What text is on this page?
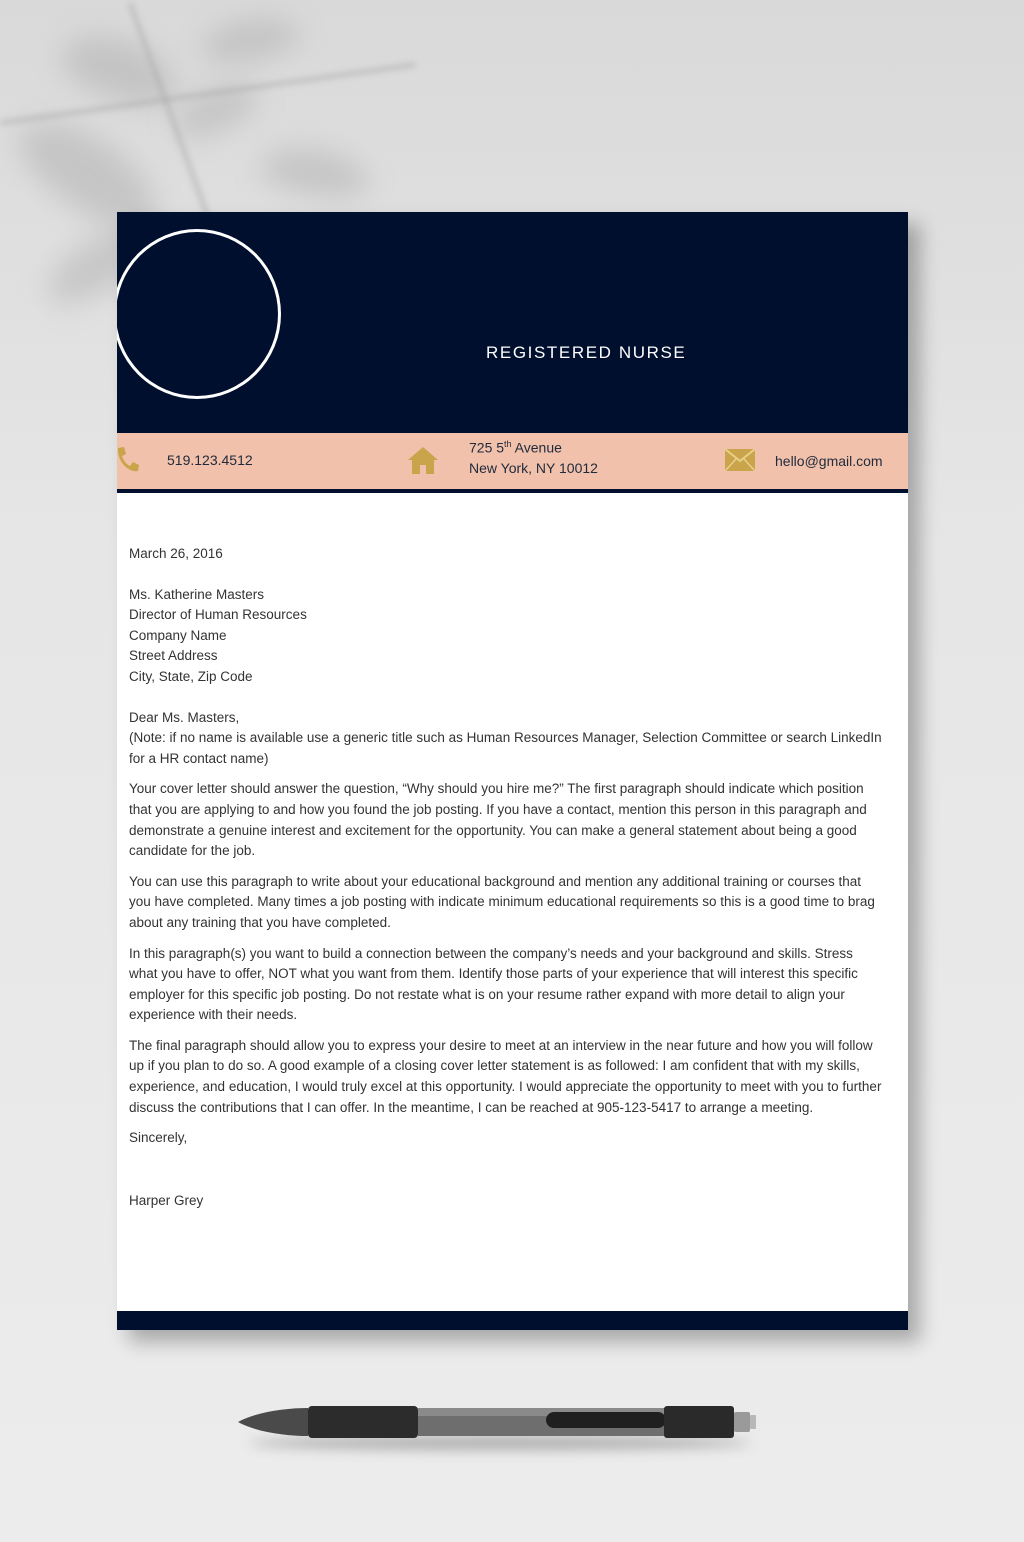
REGISTERED NURSE
519.123.4512
725 5th Avenue
New York, NY 10012	hello@gmail.com

March 26, 2016

Ms. Katherine Masters

Director of Human Resources

Company Name

Street Address

City, State, Zip Code

Dear Ms. Masters,

(Note: if no name is available use a generic title such as Human Resources Manager, Selection Committee or search LinkedIn for a HR contact name)

Your cover letter should answer the question, “Why should you hire me?” The first paragraph should indicate which position that you are applying to and how you found the job posting. If you have a contact, mention this person in this paragraph and demonstrate a genuine interest and excitement for the opportunity. You can make a general statement about being a good candidate for the job.

You can use this paragraph to write about your educational background and mention any additional training or courses that you have completed. Many times a job posting with indicate minimum educational requirements so this is a good time to brag about any training that you have completed.

In this paragraph(s) you want to build a connection between the company’s needs and your background and skills. Stress what you have to offer, NOT what you want from them. Identify those parts of your experience that will interest this specific employer for this specific job posting. Do not restate what is on your resume rather expand with more detail to align your experience with their needs.

The final paragraph should allow you to express your desire to meet at an interview in the near future and how you will follow up if you plan to do so. A good example of a closing cover letter statement is as followed: I am confident that with my skills, experience, and education, I would truly excel at this opportunity. I would appreciate the opportunity to meet with you to further discuss the contributions that I can offer. In the meantime, I can be reached at 905-123-5417 to arrange a meeting.

Sincerely,

Harper Grey
